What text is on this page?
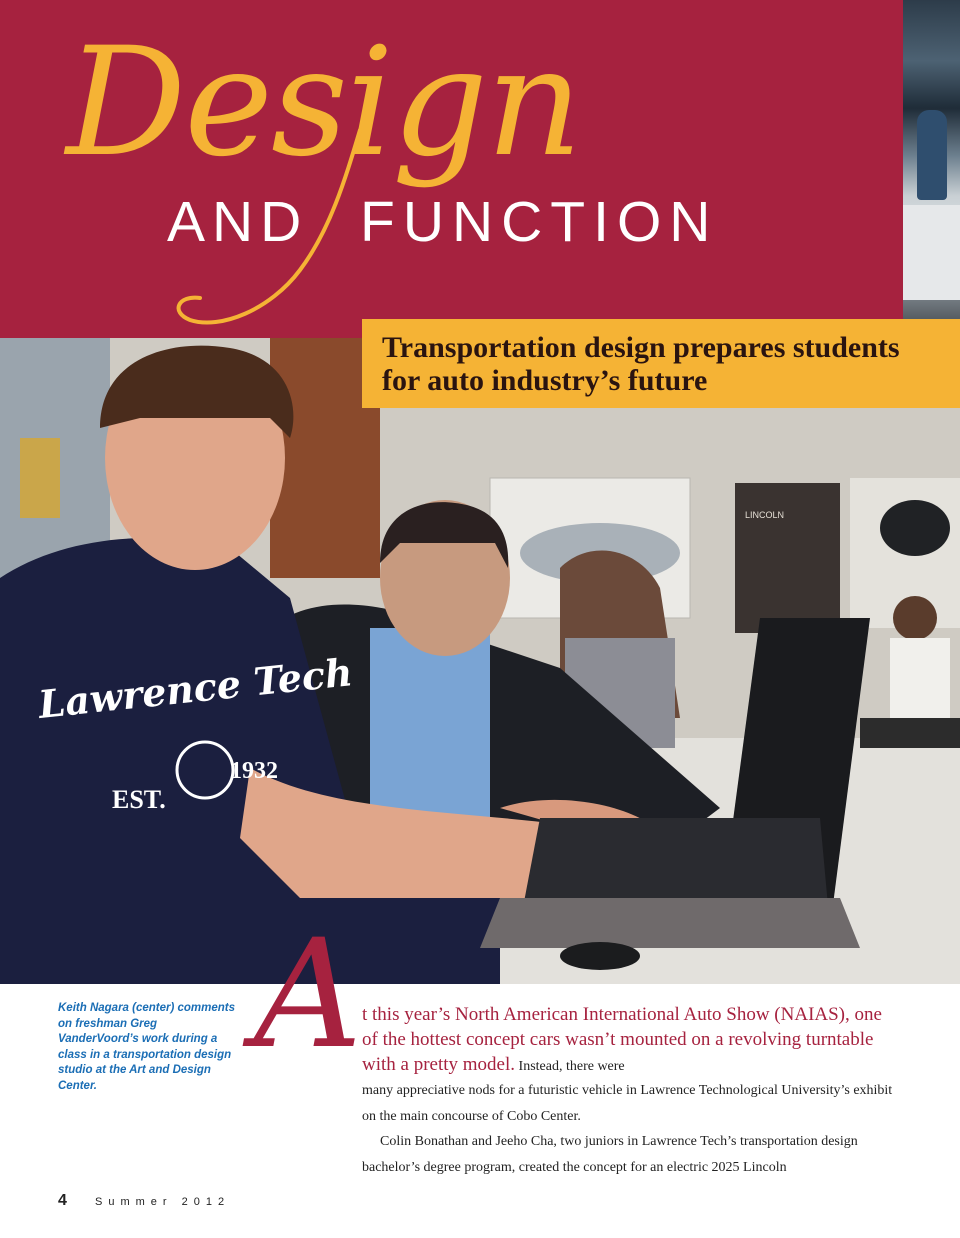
Design
AND FUNCTION
LINCOLN
Lawrence Tech
EST.
1932
Transportation design prepares students
for auto industry’s future
Keith Nagara (center) comments on freshman Greg VanderVoord’s work during a class in a transportation design studio at the Art and Design Center.
A t this year’s North American International Auto Show (NAIAS), one of the hottest concept cars wasn’t mounted on a revolving turntable with a pretty model. Instead, there were

many appreciative nods for a futuristic vehicle in Lawrence Technological University’s exhibit on the main concourse of Cobo Center.

Colin Bonathan and Jeeho Cha, two juniors in Lawrence Tech’s transportation design bachelor’s degree program, created the concept for an electric 2025 Lincoln

4	Summer 2012
